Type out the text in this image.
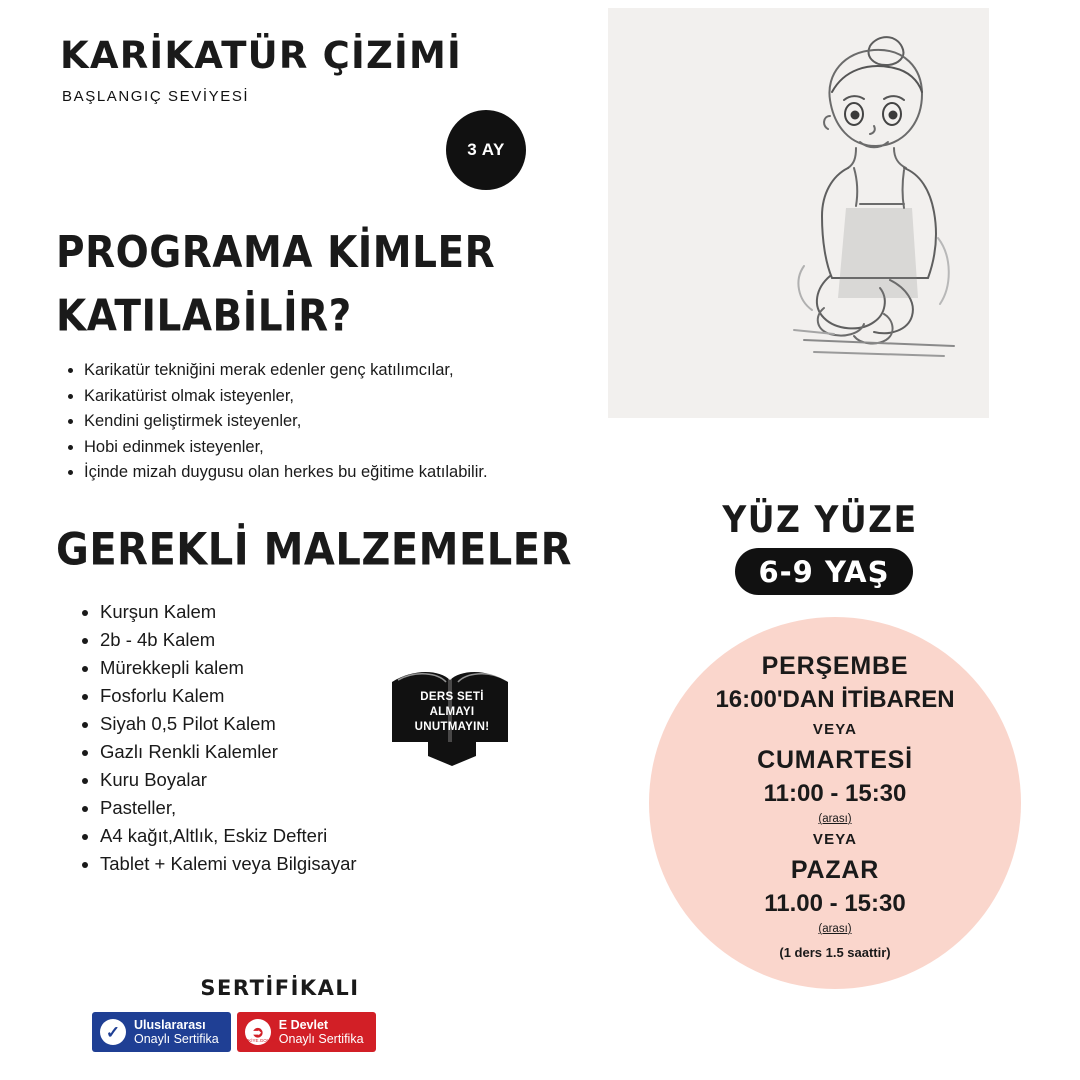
KARİKATÜR ÇİZİMİ
BAŞLANGIÇ SEVİYESİ
3 AY
PROGRAMA KİMLER KATILABİLİR?
• Karikatür tekniğini merak edenler genç katılımcılar,
• Karikatürist olmak isteyenler,
• Kendini geliştirmek isteyenler,
• Hobi edinmek isteyenler,
• İçinde mizah duygusu olan herkes bu eğitime katılabilir.
GEREKLİ MALZEMELER
• Kurşun Kalem
• 2b - 4b Kalem
• Mürekkepli kalem
• Fosforlu Kalem
• Siyah 0,5 Pilot Kalem
• Gazlı Renkli Kalemler
• Kuru Boyalar
• Pasteller,
• A4 kağıt,Altlık, Eskiz Defteri
• Tablet + Kalemi veya Bilgisayar
DERS SETİ
ALMAYI
UNUTMAYIN!
SERTİFİKALI
✓ Uluslararası
Onaylı Sertifika ➲
TÜRKİYE.GOV.TR
E Devlet
Onaylı Sertifika
YÜZ YÜZE
6-9 YAŞ
PERŞEMBE
16:00'DAN İTİBAREN
VEYA
CUMARTESİ
11:00 - 15:30
(arası)
VEYA
PAZAR
11.00 - 15:30
(arası)
(1 ders 1.5 saattir)
